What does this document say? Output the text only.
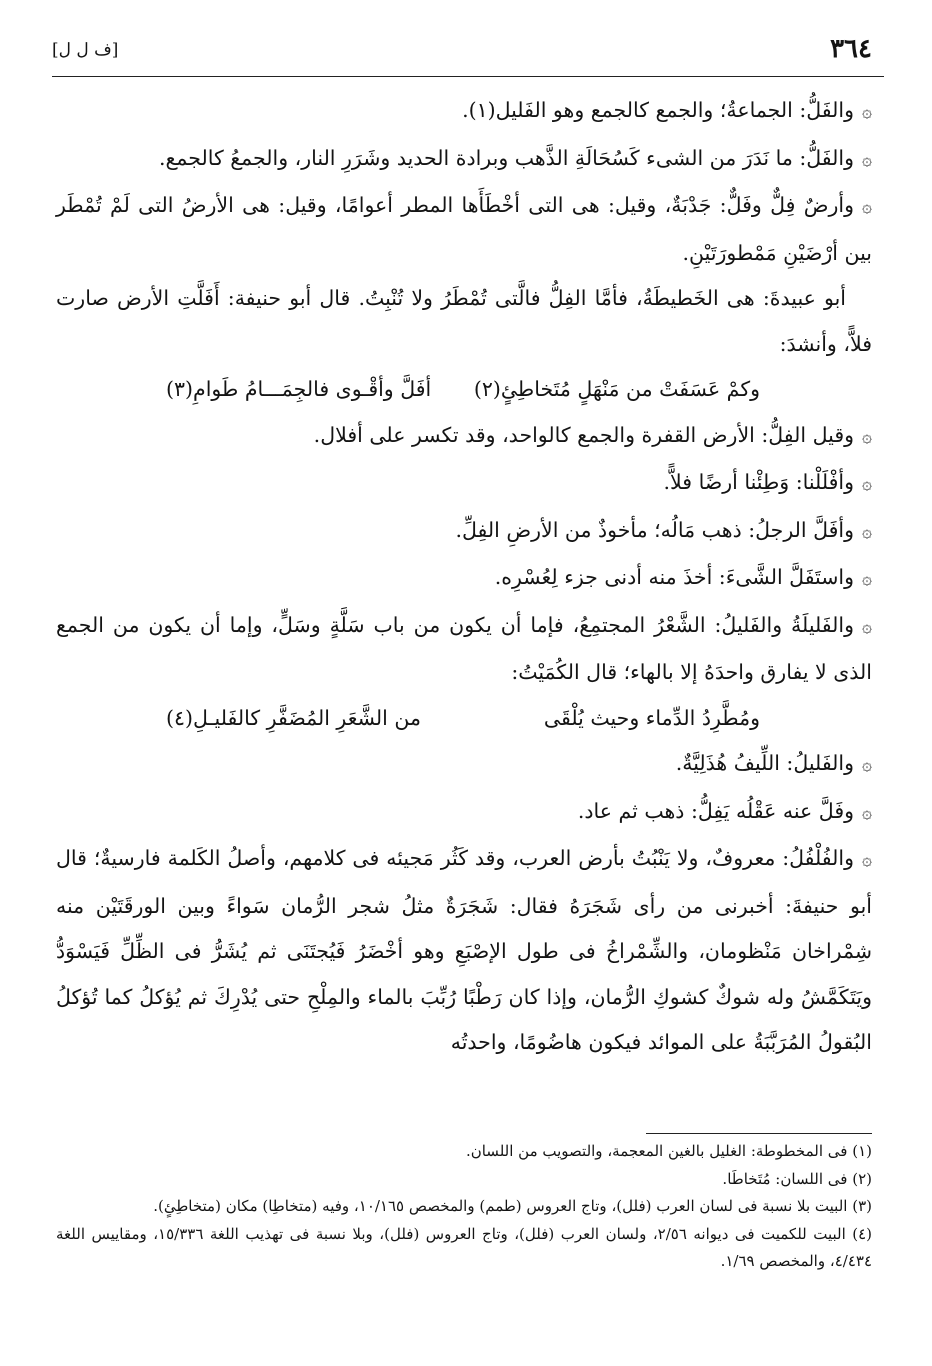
٣٦٤
[ف ل ل]

۞والفَلُّ: الجماعةُ؛ والجمع كالجمع وهو الفَليل(١).

۞والفَلُّ: ما نَدَرَ من الشىء كَسُحَالَةِ الذَّهب وبرادة الحديد وشَرَرِ النار، والجمعُ كالجمع.

۞وأرضٌ فِلٌّ وفَلٌّ: جَدْبَةٌ، وقيل: هى التى أخْطَأَها المطر أعوامًا، وقيل: هى الأرضُ التى لَمْ تُمْطَر بين أرْضَيْنِ مَمْطورَتَيْنِ.

أبو عبيدةَ: هى الخَطيطَةُ، فأمَّا الفِلُّ فالَّتى تُمْطَرُ ولا تُنْبِتُ. قال أبو حنيفة: أَفَلَّتِ الأرض صارت فلاًّ، وأنشدَ:

وكمْ عَسَفَتْ من مَنْهَلٍ مُتَخاطِئٍ(٢)
أفَلَّ وأقْـوى فالجِمَـــامُ طَوامِ(٣)

۞وقيل الفِلُّ: الأرض القفرة والجمع كالواحد، وقد تكسر على أفلال.

۞وأفْلَلْنا: وَطِئْنا أرضًا فلاًّ.

۞وأفَلَّ الرجلُ: ذهب مَالُه؛ مأخوذٌ من الأرضِ الفِلِّ.

۞واستَفَلَّ الشَّىءَ: أخذَ منه أدنى جزء لِعُسْرِه.

۞والفَليلَةُ والفَليلُ: الشَّعْرُ المجتمِعُ، فإما أن يكون من باب سَلَّةٍ وسَلٍّ، وإما أن يكون من الجمع الذى لا يفارق واحدَهُ إلا بالهاء؛ قال الكُمَيْتُ:

ومُطَّرِدُ الدِّماء وحيث يُلْقَى
من الشَّعَرِ المُضَفَّرِ كالفَليـلِ(٤)

۞والفَليلُ: اللِّيفُ هُذَلِيَّةٌ.

۞وفَلَّ عنه عَقْلُه يَفِلُّ: ذهب ثم عاد.

۞والفُلْفُلُ: معروفٌ، ولا يَنْبُتُ بأرض العرب، وقد كَثُر مَجيئه فى كلامهم، وأصلُ الكَلمة فارسيةٌ؛ قال أبو حنيفةَ: أخبرنى من رأى شَجَرَهُ فقال: شَجَرَةٌ مثلُ شجر الرُّمان سَواءً وبين الورقَتَيْن منه شِمْراخان مَنْظومان، والشِّمْراخُ فى طول الإصْبَعِ وهو أخْضَرُ فَيُجتَنَى ثم يُشَرُّ فى الظِّلِّ فَيَسْوَدُّ ويَتَكَمَّشُ وله شوكٌ كشوكِ الرُّمان، وإذا كان رَطْبًا رُبِّبَ بالماء والمِلْحِ حتى يُدْرِكَ ثم يُؤكلُ كما تُؤكلُ البُقولُ المُرَبَّبَةُ على الموائد فيكون هاضُومًا، واحدتُه

(١) فى المخطوطة: الغليل بالغين المعجمة، والتصويب من اللسان.

(٢) فى اللسان: مُتَخاطَا.

(٣) البيت بلا نسبة فى لسان العرب (فلل)، وتاج العروس (طمم) والمخصص ١٠/١٦٥، وفيه (متخاطِا) مكان (متخاطِئٍ).

(٤) البيت للكميت فى ديوانه ٢/٥٦، ولسان العرب (فلل)، وتاج العروس (فلل)، وبلا نسبة فى تهذيب اللغة ١٥/٣٣٦، ومقاييس اللغة ٤/٤٣٤، والمخصص ١/٦٩.
